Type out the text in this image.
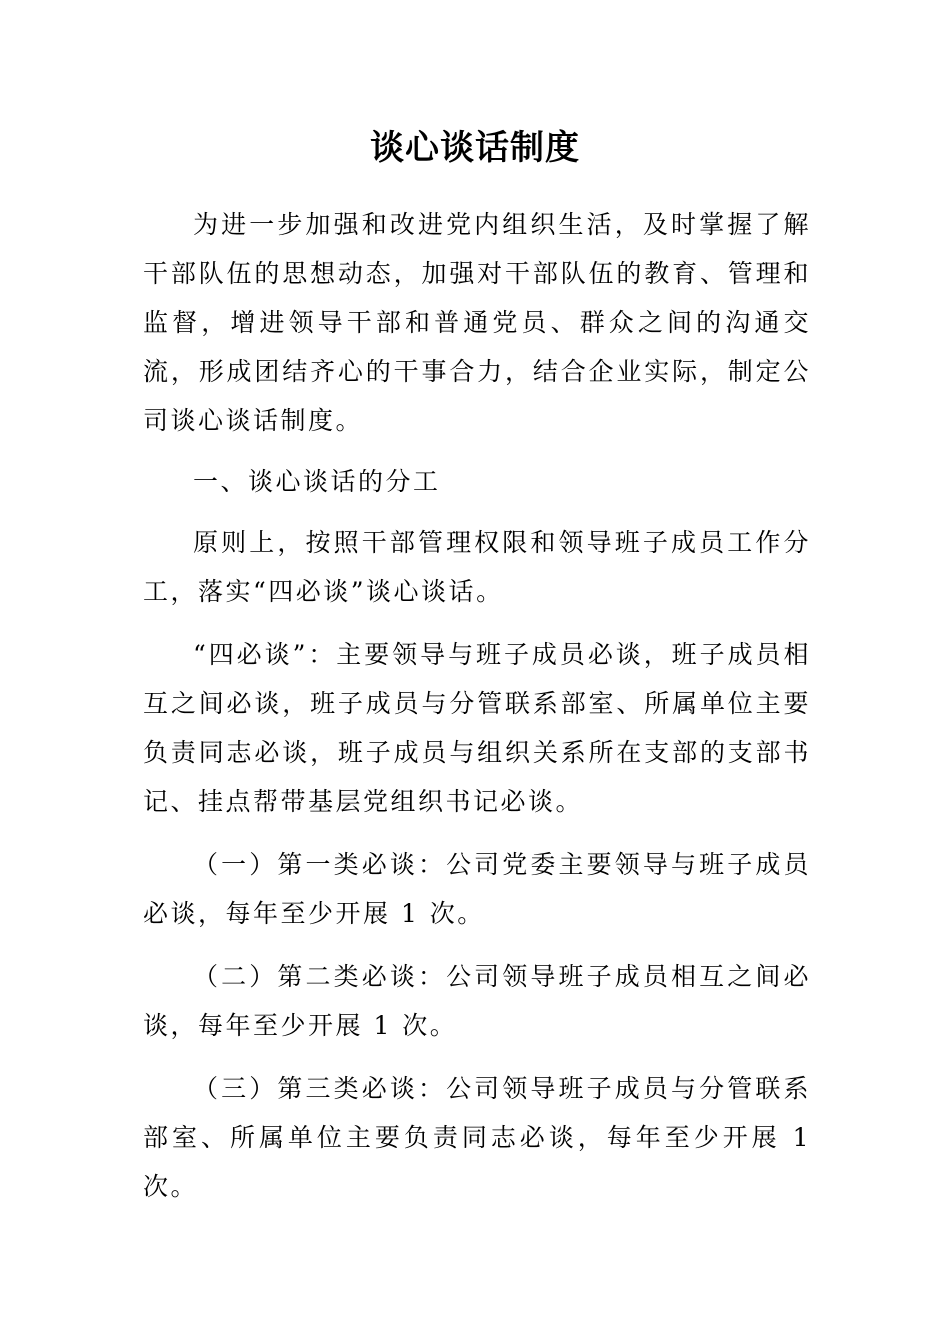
谈心谈话制度

为进一步加强和改进党内组织生活，及时掌握了解干部队伍的思想动态，加强对干部队伍的教育、管理和监督，增进领导干部和普通党员、群众之间的沟通交流，形成团结齐心的干事合力，结合企业实际，制定公司谈心谈话制度。

一、谈心谈话的分工

原则上，按照干部管理权限和领导班子成员工作分工，落实“四必谈”谈心谈话。

“四必谈”：主要领导与班子成员必谈，班子成员相互之间必谈，班子成员与分管联系部室、所属单位主要负责同志必谈，班子成员与组织关系所在支部的支部书记、挂点帮带基层党组织书记必谈。

（一）第一类必谈：公司党委主要领导与班子成员必谈，每年至少开展 1 次。

（二）第二类必谈：公司领导班子成员相互之间必谈，每年至少开展 1 次。

（三）第三类必谈：公司领导班子成员与分管联系部室、所属单位主要负责同志必谈，每年至少开展 1 次。
